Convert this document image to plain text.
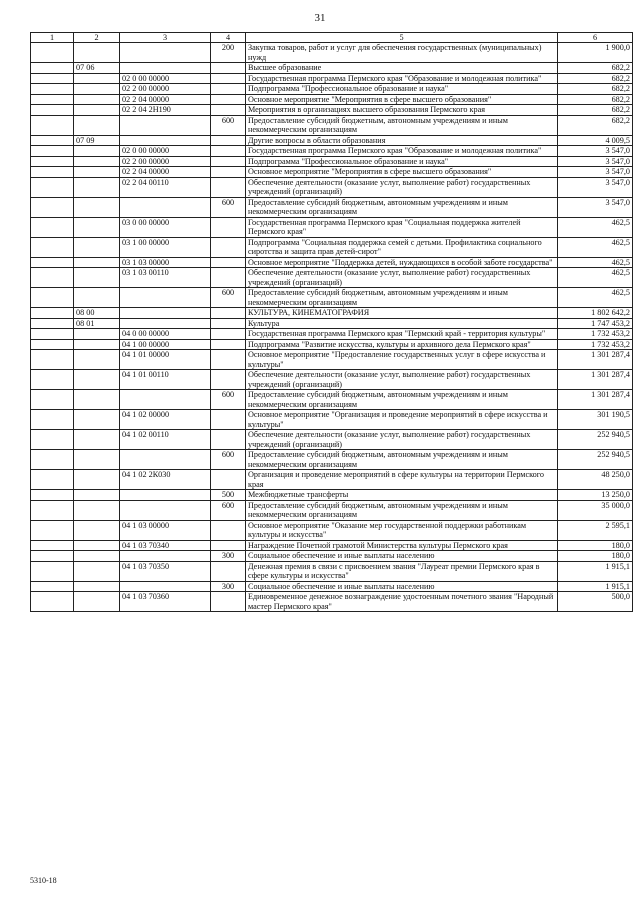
31
1	2	3	4	5	6
			200	Закупка товаров, работ и услуг для обеспечения государственных (муниципальных) нужд	1 900,0
	07 06			Высшее образование	682,2
		02 0 00 00000		Государственная программа Пермского края "Образование и молодежная политика"	682,2
		02 2 00 00000		Подпрограмма "Профессиональное образование и наука"	682,2
		02 2 04 00000		Основное мероприятие "Мероприятия в сфере высшего образования"	682,2
		02 2 04 2Н190		Мероприятия в организациях высшего образования Пермского края	682,2
			600	Предоставление субсидий бюджетным, автономным учреждениям и иным некоммерческим организациям	682,2
	07 09			Другие вопросы в области образования	4 009,5
		02 0 00 00000		Государственная программа Пермского края "Образование и молодежная политика"	3 547,0
		02 2 00 00000		Подпрограмма "Профессиональное образование и наука"	3 547,0
		02 2 04 00000		Основное мероприятие "Мероприятия в сфере высшего образования"	3 547,0
		02 2 04 00110		Обеспечение деятельности (оказание услуг, выполнение работ) государственных учреждений (организаций)	3 547,0
			600	Предоставление субсидий бюджетным, автономным учреждениям и иным некоммерческим организациям	3 547,0
		03 0 00 00000		Государственная программа Пермского края "Социальная поддержка жителей Пермского края"	462,5
		03 1 00 00000		Подпрограмма "Социальная поддержка семей с детьми. Профилактика социального сиротства и защита прав детей-сирот"	462,5
		03 1 03 00000		Основное мероприятие "Поддержка детей, нуждающихся в особой заботе государства"	462,5
		03 1 03 00110		Обеспечение деятельности (оказание услуг, выполнение работ) государственных учреждений (организаций)	462,5
			600	Предоставление субсидий бюджетным, автономным учреждениям и иным некоммерческим организациям	462,5
	08 00			КУЛЬТУРА, КИНЕМАТОГРАФИЯ	1 802 642,2
	08 01			Культура	1 747 453,2
		04 0 00 00000		Государственная программа Пермского края "Пермский край - территория культуры"	1 732 453,2
		04 1 00 00000		Подпрограмма "Развитие искусства, культуры и архивного дела Пермского края"	1 732 453,2
		04 1 01 00000		Основное мероприятие "Предоставление государственных услуг в сфере искусства и культуры"	1 301 287,4
		04 1 01 00110		Обеспечение деятельности (оказание услуг, выполнение работ) государственных учреждений (организаций)	1 301 287,4
			600	Предоставление субсидий бюджетным, автономным учреждениям и иным некоммерческим организациям	1 301 287,4
		04 1 02 00000		Основное мероприятие "Организация и проведение мероприятий в сфере искусства и культуры"	301 190,5
		04 1 02 00110		Обеспечение деятельности (оказание услуг, выполнение работ) государственных учреждений (организаций)	252 940,5
			600	Предоставление субсидий бюджетным, автономным учреждениям и иным некоммерческим организациям	252 940,5
		04 1 02 2К030		Организация и проведение мероприятий в сфере культуры на территории Пермского края	48 250,0
			500	Межбюджетные трансферты	13 250,0
			600	Предоставление субсидий бюджетным, автономным учреждениям и иным некоммерческим организациям	35 000,0
		04 1 03 00000		Основное мероприятие "Оказание мер государственной поддержки работникам культуры и искусства"	2 595,1
		04 1 03 70340		Награждение Почетной грамотой Министерства культуры Пермского края	180,0
			300	Социальное обеспечение и иные выплаты населению	180,0
		04 1 03 70350		Денежная премия в связи с присвоением звания "Лауреат премии Пермского края в сфере культуры и искусства"	1 915,1
			300	Социальное обеспечение и иные выплаты населению	1 915,1
		04 1 03 70360		Единовременное денежное вознаграждение удостоенным почетного звания "Народный мастер Пермского края"	500,0
5310-18
